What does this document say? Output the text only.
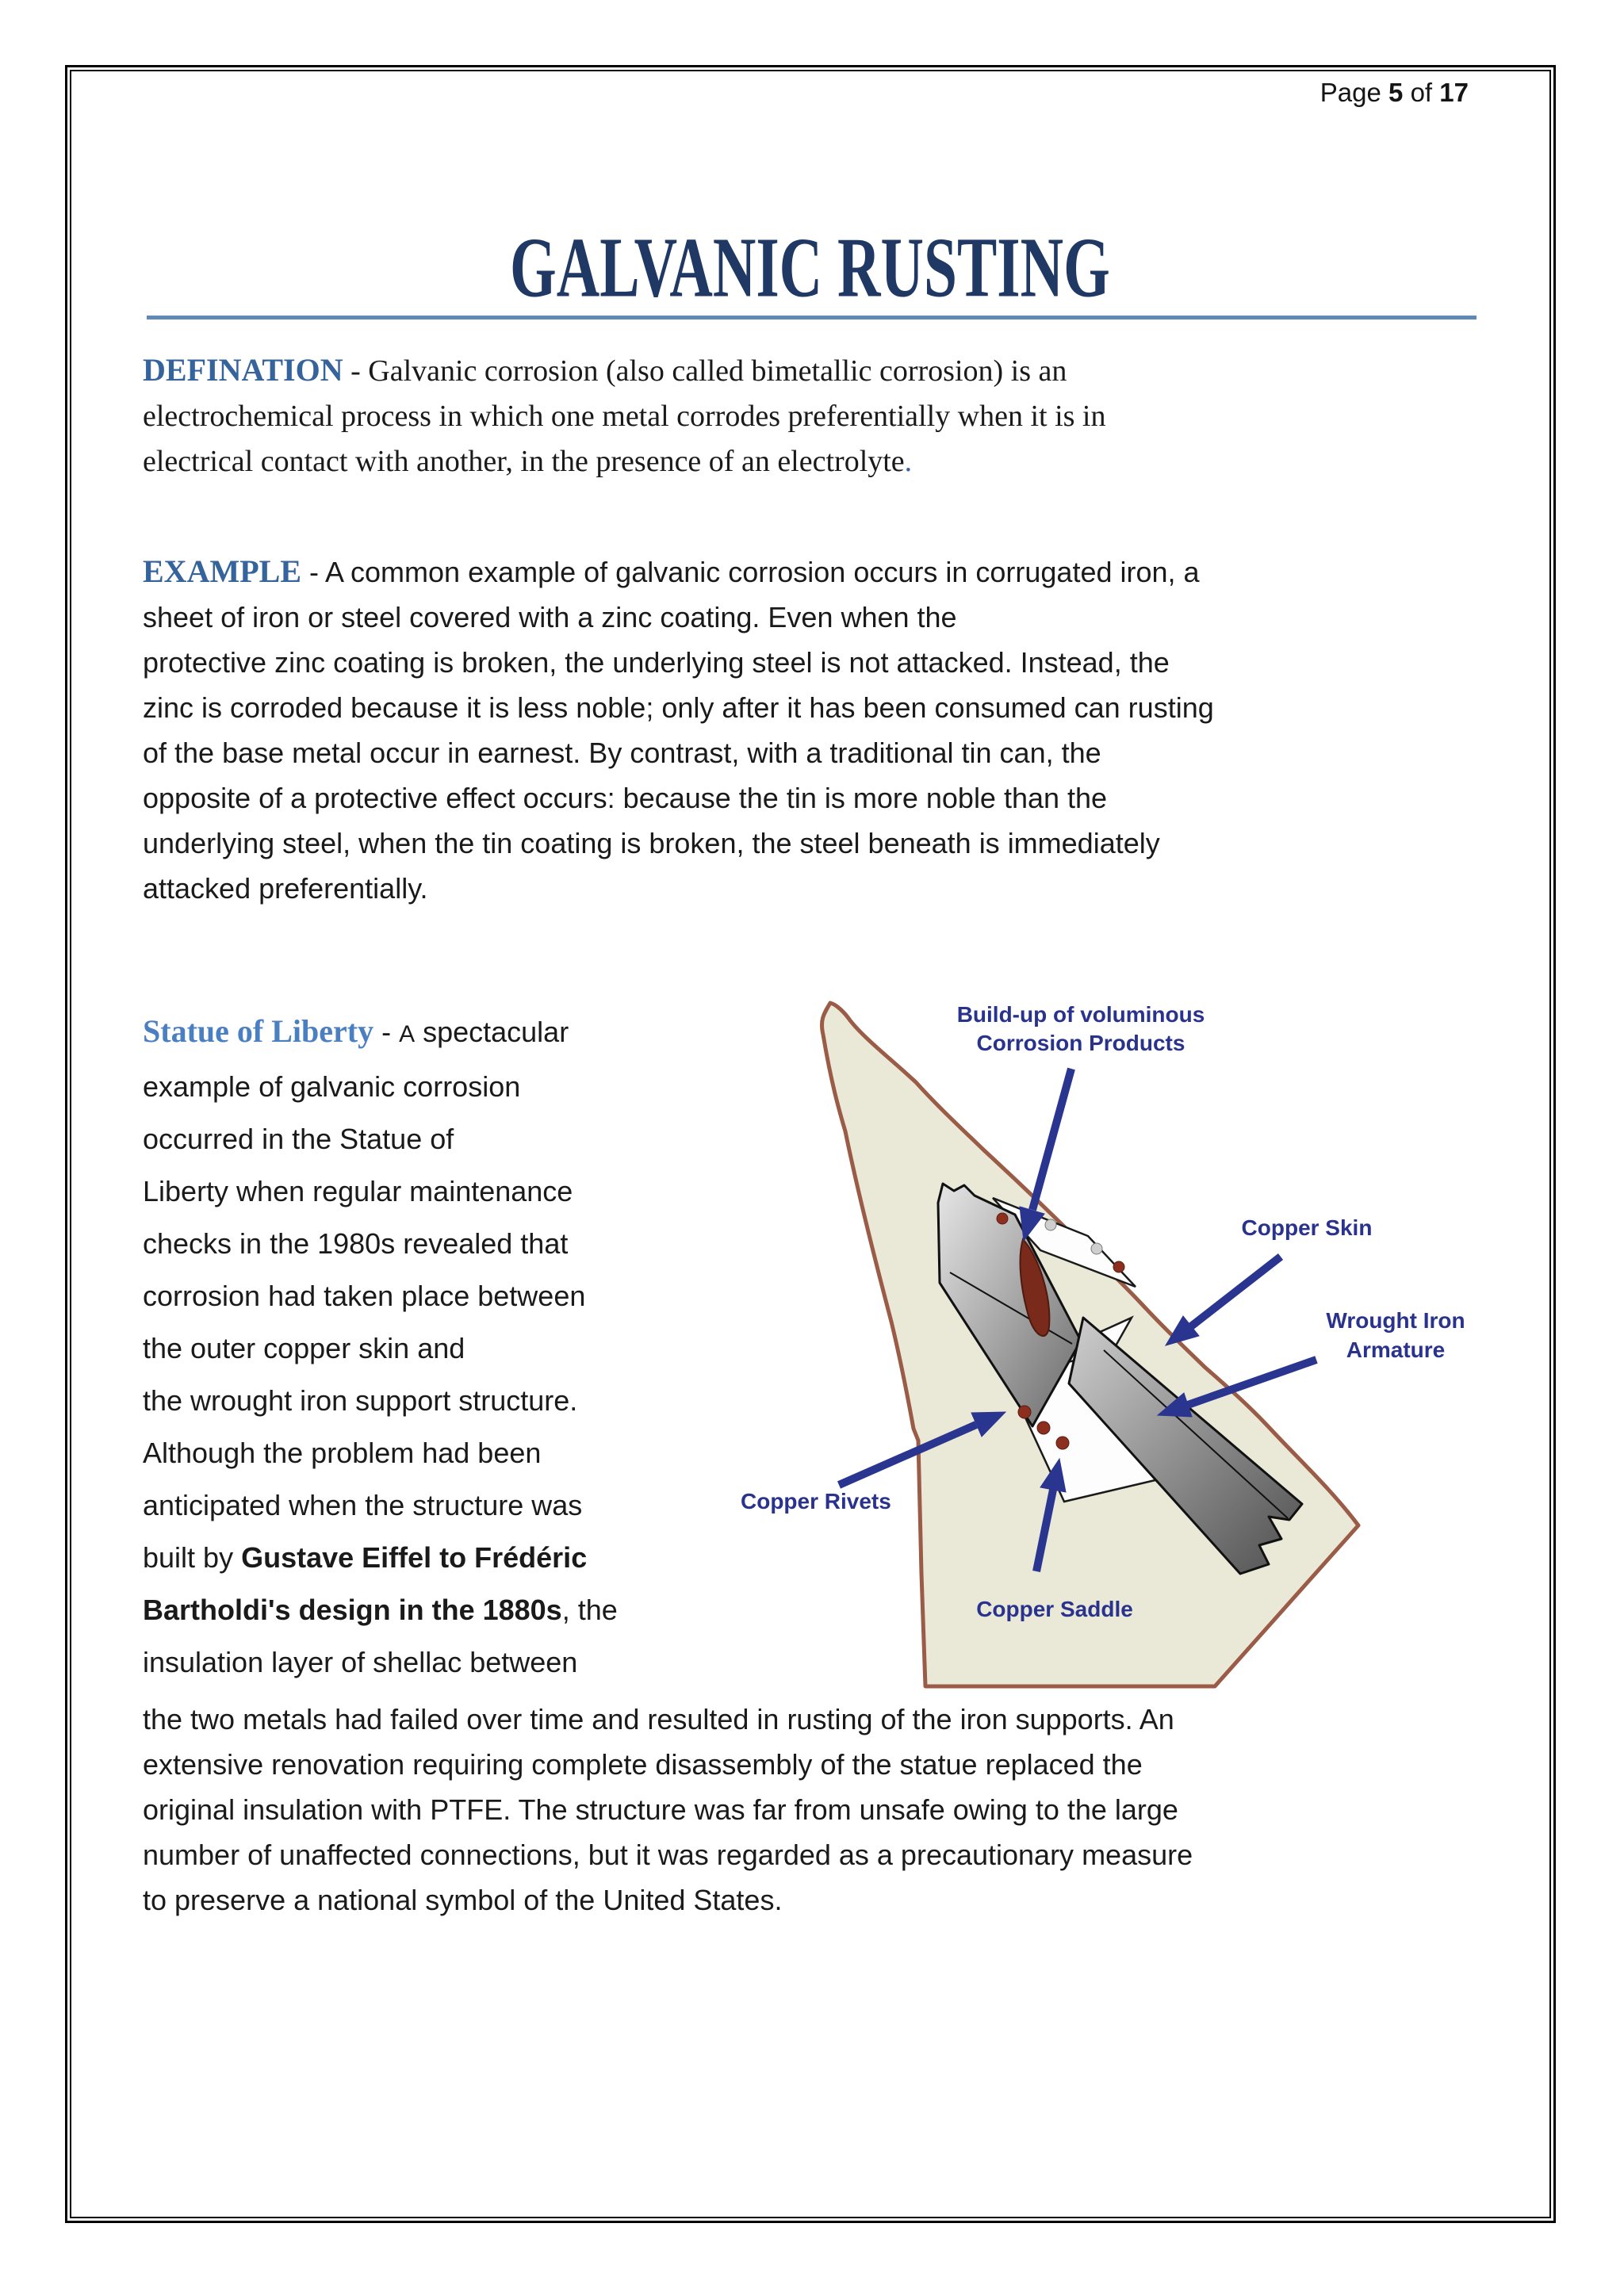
Page 5 of 17
GALVANIC RUSTING
DEFINATION - Galvanic corrosion (also called bimetallic corrosion) is an
electrochemical process in which one metal corrodes preferentially when it is in
electrical contact with another, in the presence of an electrolyte.
EXAMPLE - A common example of galvanic corrosion occurs in corrugated iron, a
sheet of iron or steel covered with a zinc coating. Even when the
protective zinc coating is broken, the underlying steel is not attacked. Instead, the
zinc is corroded because it is less noble; only after it has been consumed can rusting
of the base metal occur in earnest. By contrast, with a traditional tin can, the
opposite of a protective effect occurs: because the tin is more noble than the
underlying steel, when the tin coating is broken, the steel beneath is immediately
attacked preferentially.
Statue of Liberty - A spectacular
example of galvanic corrosion
occurred in the Statue of
Liberty when regular maintenance
checks in the 1980s revealed that
corrosion had taken place between
the outer copper skin and
the wrought iron support structure.
Although the problem had been
anticipated when the structure was
built by Gustave Eiffel to Frédéric
Bartholdi's design in the 1880s, the
insulation layer of shellac between
the two metals had failed over time and resulted in rusting of the iron supports. An
extensive renovation requiring complete disassembly of the statue replaced the
original insulation with PTFE. The structure was far from unsafe owing to the large
number of unaffected connections, but it was regarded as a precautionary measure
to preserve a national symbol of the United States.
Build-up of voluminous
Corrosion Products
Copper Skin
Wrought Iron
Armature
Copper Rivets
Copper Saddle
